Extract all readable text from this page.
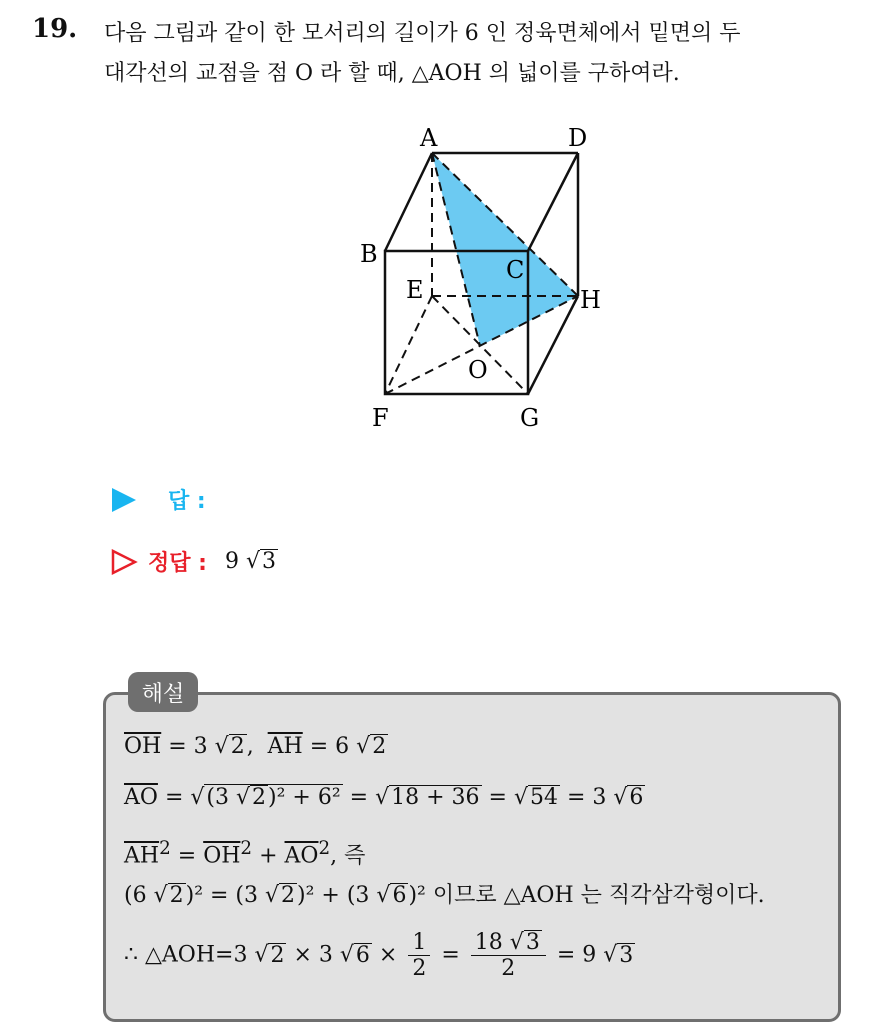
19. 다음 그림과 같이 한 모서리의 길이가 6 인 정육면체에서 밑면의 두
대각선의 교점을 점 O 라 할 때, △AOH 의 넓이를 구하여라.
A	D
B
C
E	H
O
F	G
답 :
정답 : 9 √3
해설
$\overline{OH} = 3$ √2,  $\overline{AH} = 6$ √2
$\overline{AO} = √(3$ √2)² + 6² = √18 + 36 = √54 = 3 √6
$\overline{AH}^2 = \overline{OH}^2 + \overline{AO}^2$, 즉
(6 √2)² = (3 √2)² + (3 √6)² 이므로 △AOH 는 직각삼각형이다.
∴ △AOH=3 √2 × 3 $√6 \times \frac{1}{2} = \frac{18 √3}{2} = 9$ √3
